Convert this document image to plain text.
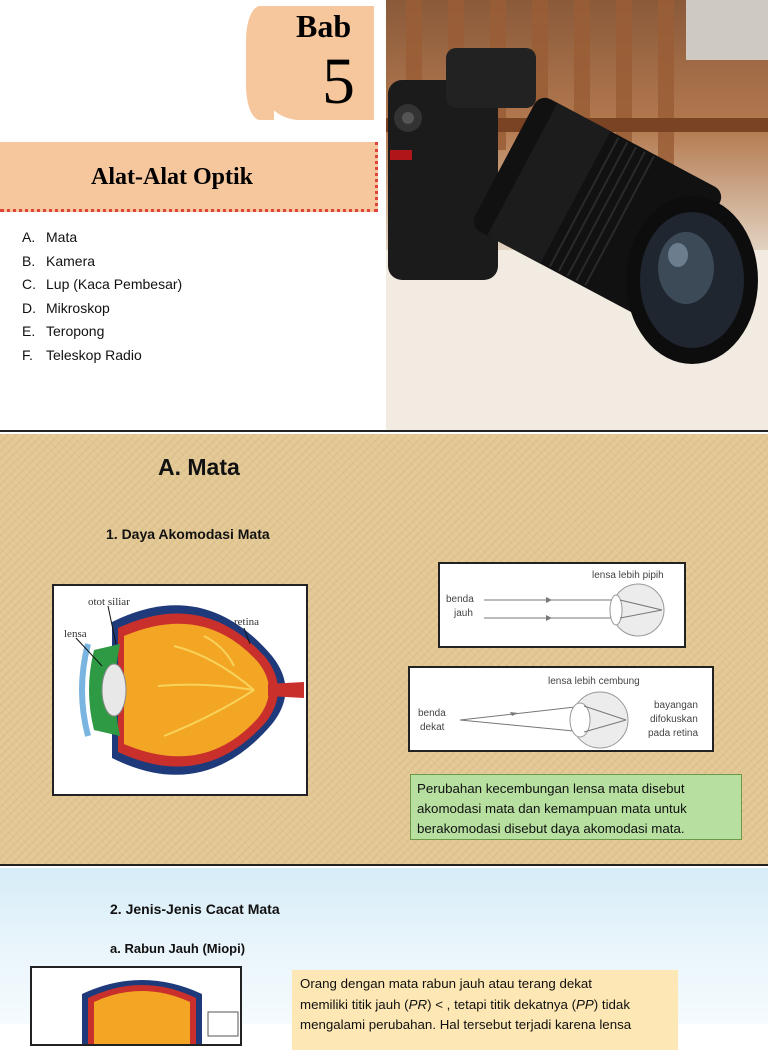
Bab
5
Alat-Alat Optik
A. Mata
B. Kamera
C. Lup (Kaca Pembesar)
D. Mikroskop
E. Teropong
F. Teleskop Radio
A. Mata
1. Daya Akomodasi Mata
otot siliar
lensa
retina
lensa lebih pipih
benda
jauh
lensa lebih cembung
benda
dekat
bayangan
difokuskan
pada retina
Perubahan kecembungan lensa mata disebut akomodasi mata dan kemampuan mata untuk berakomodasi disebut daya akomodasi mata.
2. Jenis-Jenis Cacat Mata
a. Rabun Jauh (Miopi)
Orang dengan mata rabun jauh atau terang dekat
memiliki titik jauh (PR) < , tetapi titik dekatnya (PP) tidak
mengalami perubahan. Hal tersebut terjadi karena lensa
